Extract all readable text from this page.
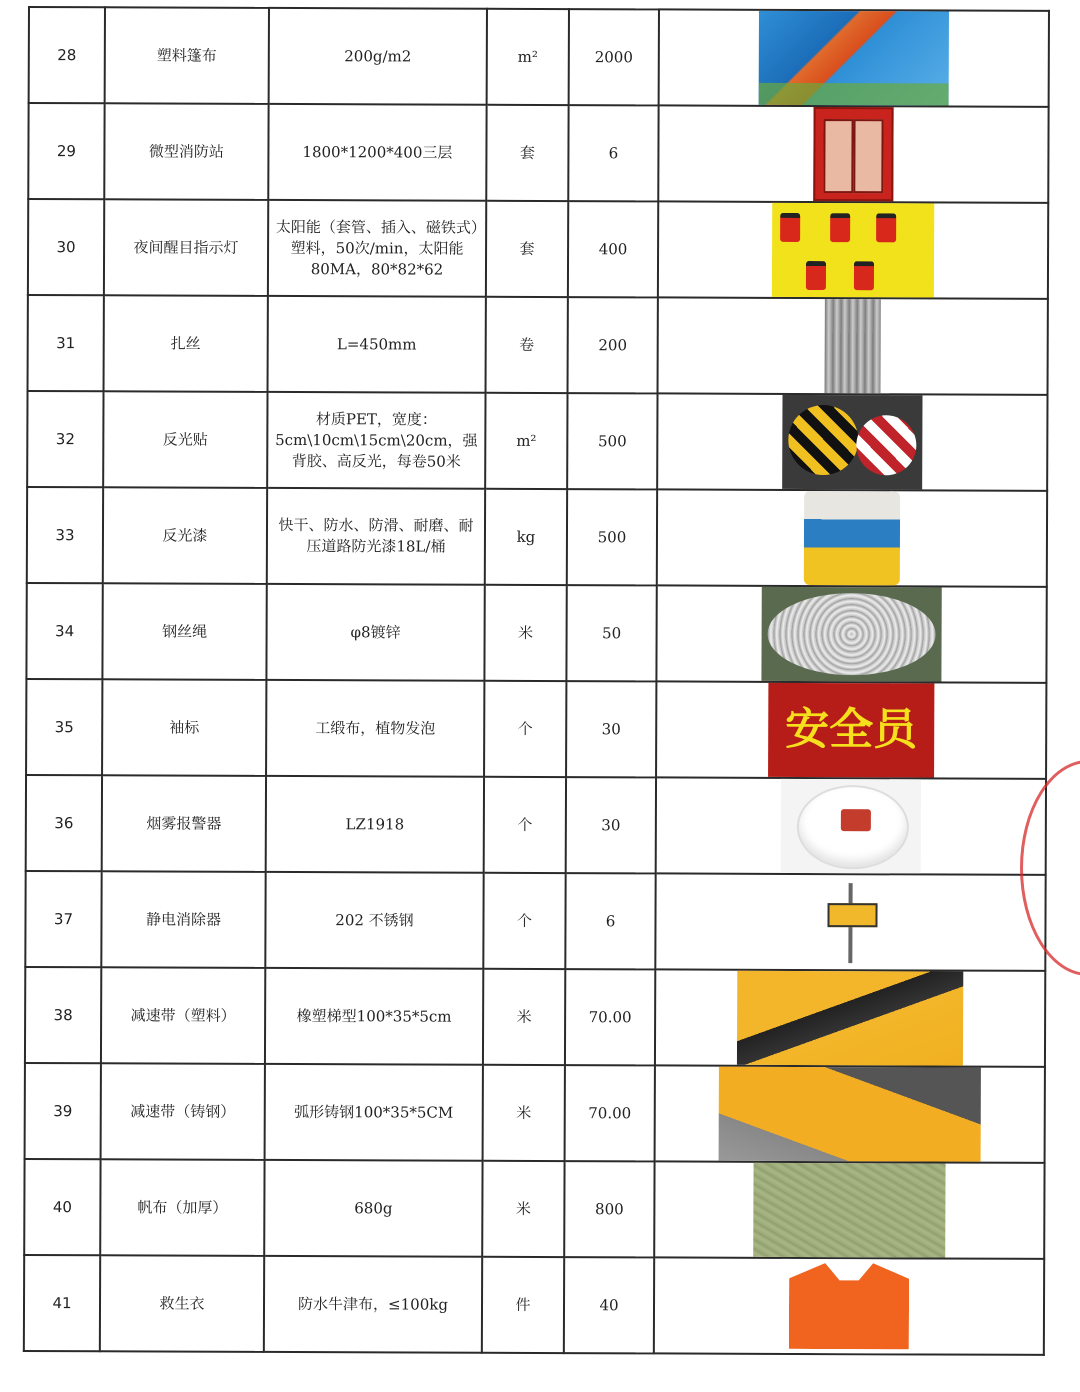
28	塑料篷布	200g/m2	m²	2000	

29	微型消防站	1800*1200*400三层	套	6	

30	夜间醒目指示灯	太阳能（套管、插入、磁铁式）塑料，50次/min，太阳能80MA，80*82*62	套	400	

31	扎丝	L=450mm	卷	200	

32	反光贴	材质PET，宽度：5cm\10cm\15cm\20cm，强背胶、高反光，每卷50米	m²	500	

33	反光漆	快干、防水、防滑、耐磨、耐压道路防光漆18L/桶	kg	500	

34	钢丝绳	φ8镀锌	米	50	

35	袖标	工缎布，植物发泡	个	30	安全员

36	烟雾报警器	LZ1918	个	30	

37	静电消除器	202 不锈钢	个	6	

38	减速带（塑料）	橡塑梯型100*35*5cm	米	70.00	

39	减速带（铸钢）	弧形铸钢100*35*5CM	米	70.00	

40	帆布（加厚）	680g	米	800	

41	救生衣	防水牛津布，≤100kg	件	40	
